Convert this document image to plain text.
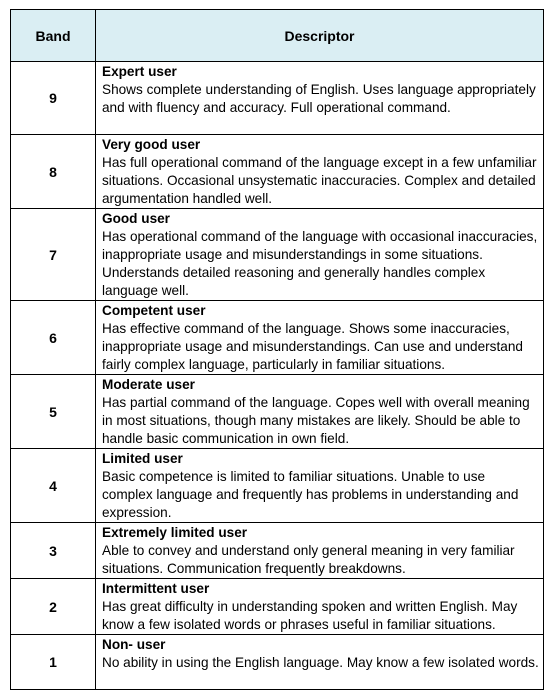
Band	Descriptor
9	Expert user
Shows complete understanding of English. Uses language appropriately and with fluency and accuracy. Full operational command.

8	Very good user
Has full operational command of the language except in a few unfamiliar situations. Occasional unsystematic inaccuracies. Complex and detailed argumentation handled well.

7	Good user
Has operational command of the language with occasional inaccuracies, inappropriate usage and misunderstandings in some situations. Understands detailed reasoning and generally handles complex language well.

6	Competent user
Has effective command of the language. Shows some inaccuracies, inappropriate usage and misunderstandings. Can use and understand fairly complex language, particularly in familiar situations.

5	Moderate user
Has partial command of the language. Copes well with overall meaning in most situations, though many mistakes are likely. Should be able to handle basic communication in own field.

4	Limited user
Basic competence is limited to familiar situations. Unable to use complex language and frequently has problems in understanding and expression.

3	Extremely limited user
Able to convey and understand only general meaning in very familiar situations. Communication frequently breakdowns.

2	Intermittent user
Has great difficulty in understanding spoken and written English. May know a few isolated words or phrases useful in familiar situations.

1	Non- user
No ability in using the English language. May know a few isolated words.
